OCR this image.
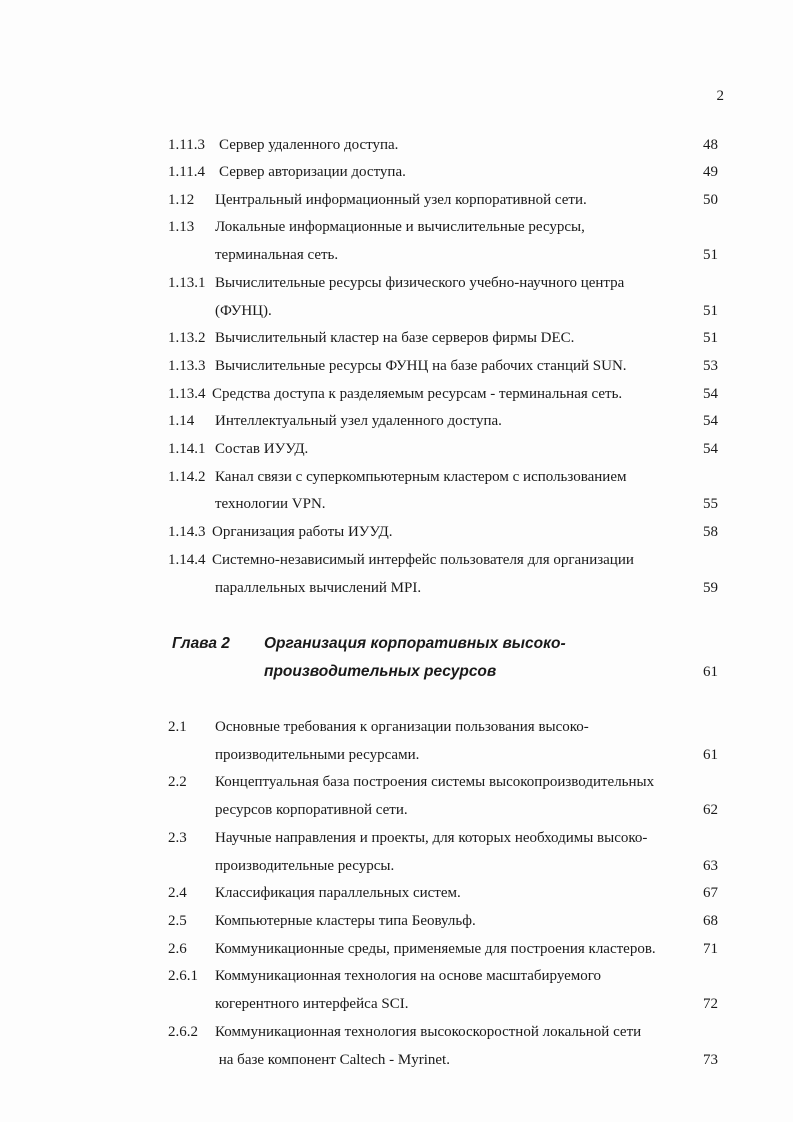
2
1.11.3 Сервер удаленного доступа.	48
1.11.4 Сервер авторизации доступа.	49
1.12 Центральный информационный узел корпоративной сети.	50
1.13 Локальные информационные и вычислительные ресурсы,
терминальная сеть.	51
1.13.1 Вычислительные ресурсы физического учебно-научного центра
(ФУНЦ).	51
1.13.2 Вычислительный кластер на базе серверов фирмы DEC.	51
1.13.3 Вычислительные ресурсы ФУНЦ на базе рабочих станций SUN.	53
1.13.4 Средства доступа к разделяемым ресурсам - терминальная сеть.	54
1.14 Интеллектуальный узел удаленного доступа.	54
1.14.1 Состав ИУУД.	54
1.14.2 Канал связи с суперкомпьютерным кластером с использованием
технологии VPN.	55
1.14.3 Организация работы ИУУД.	58
1.14.4 Системно-независимый интерфейс пользователя для организации
параллельных вычислений MPI.	59
Глава 2 Организация корпоративных высоко-
производительных ресурсов	61
2.1 Основные требования к организации пользования высоко-
производительными ресурсами.	61
2.2 Концептуальная база построения системы высокопроизводительных
ресурсов корпоративной сети.	62
2.3 Научные направления и проекты, для которых необходимы высоко-
производительные ресурсы.	63
2.4 Классификация параллельных систем.	67
2.5 Компьютерные кластеры типа Беовульф.	68
2.6 Коммуникационные среды, применяемые для построения кластеров.	71
2.6.1 Коммуникационная технология на основе масштабируемого
когерентного интерфейса SCI.	72
2.6.2 Коммуникационная технология высокоскоростной локальной сети
на базе компонент Caltech - Myrinet.	73
